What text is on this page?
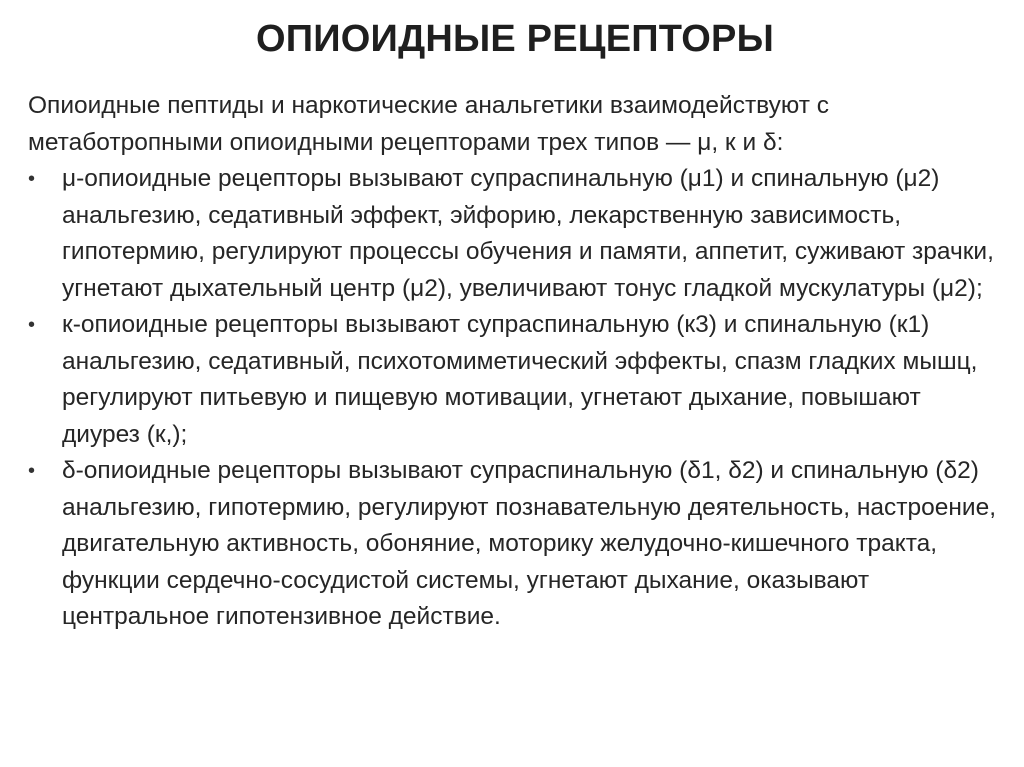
ОПИОИДНЫЕ РЕЦЕПТОРЫ

Опиоидные пептиды и наркотические анальгетики взаимодействуют с метаботропными опиоидными рецепторами трех типов — μ, к и δ:

•	μ-опиоидные рецепторы вызывают супраспинальную (μ1) и спинальную (μ2) анальгезию, седативный эффект, эйфорию, лекарственную зависимость, гипотермию, регулируют процессы обучения и памяти, аппетит, суживают зрачки, угнетают дыхательный центр (μ2), увеличивают тонус гладкой мускулатуры (μ2);
•	к-опиоидные рецепторы вызывают супраспинальную (к3) и спинальную (к1) анальгезию, седативный, психотомиметический эффекты, спазм гладких мышц, регулируют питьевую и пищевую мотивации, угнетают дыхание, повышают диурез (к,);
•	δ-опиоидные рецепторы вызывают супраспинальную (δ1, δ2) и спинальную (δ2) анальгезию, гипотермию, регулируют познавательную деятельность, настроение, двигательную активность, обоняние, моторику желудочно-кишечного тракта, функции сердечно-сосудистой системы, угнетают дыхание, оказывают центральное гипотензивное действие.
